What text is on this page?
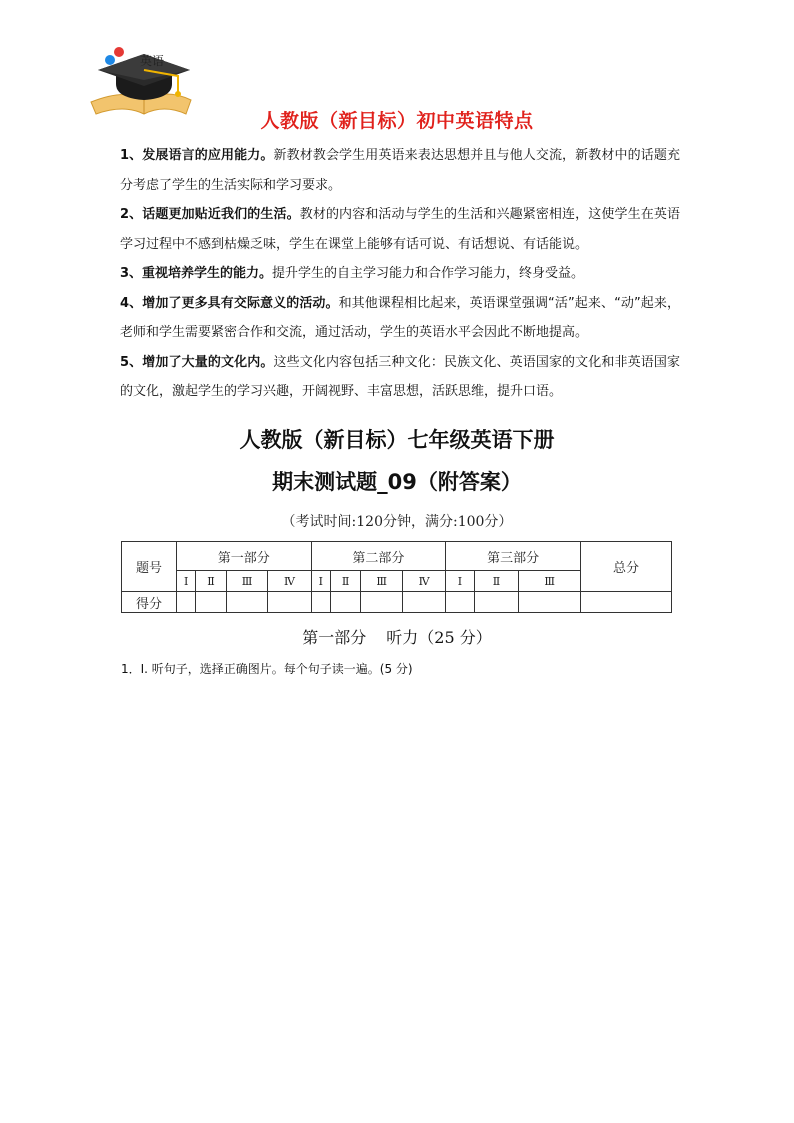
英语
人教版（新目标）初中英语特点

1、发展语言的应用能力。新教材教会学生用英语来表达思想并且与他人交流，新教材中的话题充分考虑了学生的生活实际和学习要求。

2、话题更加贴近我们的生活。教材的内容和活动与学生的生活和兴趣紧密相连，这使学生在英语学习过程中不感到枯燥乏味，学生在课堂上能够有话可说、有话想说、有话能说。

3、重视培养学生的能力。提升学生的自主学习能力和合作学习能力，终身受益。

4、增加了更多具有交际意义的活动。和其他课程相比起来，英语课堂强调“活”起来、“动”起来，老师和学生需要紧密合作和交流，通过活动，学生的英语水平会因此不断地提高。

5、增加了大量的文化内。这些文化内容包括三种文化：民族文化、英语国家的文化和非英语国家的文化，激起学生的学习兴趣，开阔视野、丰富思想，活跃思维，提升口语。

人教版（新目标）七年级英语下册
期末测试题_09（附答案）
（考试时间:120分钟，满分:100分）
题号	第一部分				第二部分				第三部分			总分
	Ⅰ	Ⅱ	Ⅲ	Ⅳ	Ⅰ	Ⅱ	Ⅲ	Ⅳ	Ⅰ	Ⅱ	Ⅲ	
得分												
第一部分 听力（25 分）
1．Ⅰ. 听句子，选择正确图片。每个句子读一遍。(5 分)
